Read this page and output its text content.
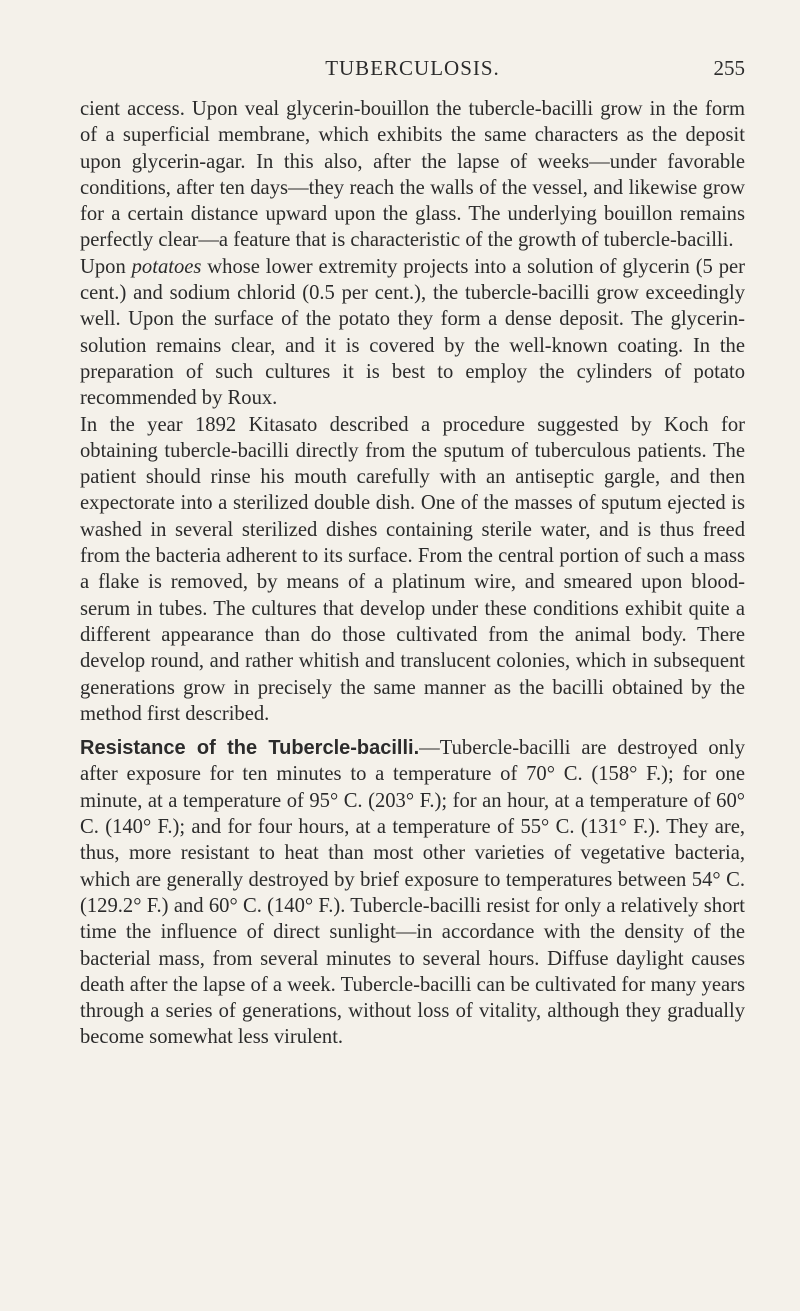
TUBERCULOSIS.	255

cient access. Upon veal glycerin-bouillon the tubercle-bacilli grow in the form of a superficial membrane, which exhibits the same characters as the deposit upon glycerin-agar. In this also, after the lapse of weeks—under favorable conditions, after ten days—they reach the walls of the vessel, and likewise grow for a certain distance upward upon the glass. The underlying bouillon remains perfectly clear—a feature that is characteristic of the growth of tubercle-bacilli.

Upon potatoes whose lower extremity projects into a solution of glycerin (5 per cent.) and sodium chlorid (0.5 per cent.), the tubercle-bacilli grow exceedingly well. Upon the surface of the potato they form a dense deposit. The glycerin-solution remains clear, and it is covered by the well-known coating. In the preparation of such cultures it is best to employ the cylinders of potato recommended by Roux.

In the year 1892 Kitasato described a procedure suggested by Koch for obtaining tubercle-bacilli directly from the sputum of tuberculous patients. The patient should rinse his mouth carefully with an antiseptic gargle, and then expectorate into a sterilized double dish. One of the masses of sputum ejected is washed in several sterilized dishes containing sterile water, and is thus freed from the bacteria adherent to its surface. From the central portion of such a mass a flake is removed, by means of a platinum wire, and smeared upon blood-serum in tubes. The cultures that develop under these conditions exhibit quite a different appearance than do those cultivated from the animal body. There develop round, and rather whitish and translucent colonies, which in subsequent generations grow in precisely the same manner as the bacilli obtained by the method first described.

Resistance of the Tubercle-bacilli.—Tubercle-bacilli are destroyed only after exposure for ten minutes to a temperature of 70° C. (158° F.); for one minute, at a temperature of 95° C. (203° F.); for an hour, at a temperature of 60° C. (140° F.); and for four hours, at a temperature of 55° C. (131° F.). They are, thus, more resistant to heat than most other varieties of vegetative bacteria, which are generally destroyed by brief exposure to temperatures between 54° C. (129.2° F.) and 60° C. (140° F.). Tubercle-bacilli resist for only a relatively short time the influence of direct sunlight—in accordance with the density of the bacterial mass, from several minutes to several hours. Diffuse daylight causes death after the lapse of a week. Tubercle-bacilli can be cultivated for many years through a series of generations, without loss of vitality, although they gradually become somewhat less virulent.
